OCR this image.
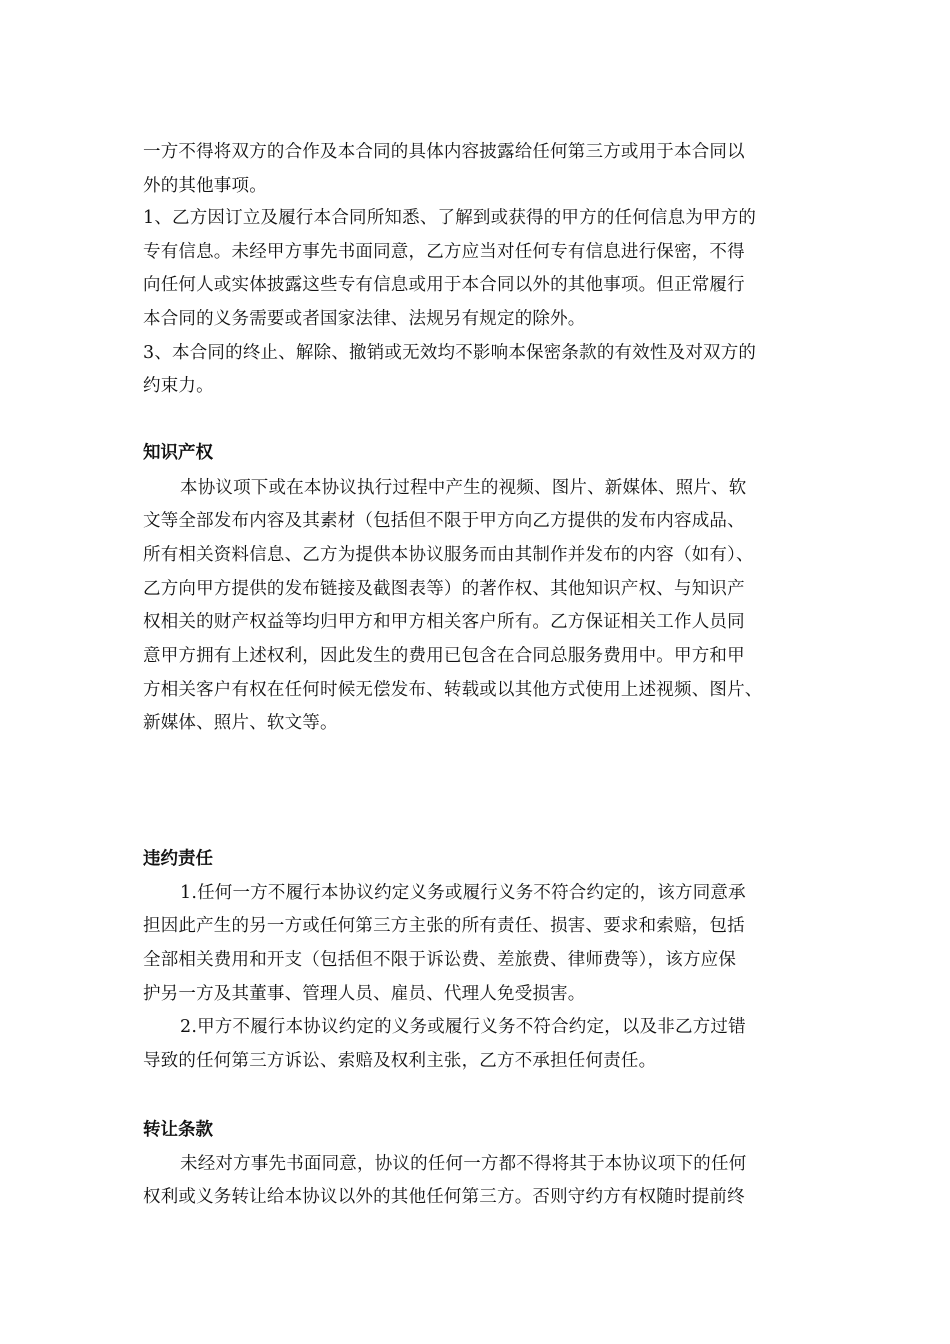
一方不得将双方的合作及本合同的具体内容披露给任何第三方或用于本合同以
外的其他事项。
1、乙方因订立及履行本合同所知悉、了解到或获得的甲方的任何信息为甲方的
专有信息。未经甲方事先书面同意，乙方应当对任何专有信息进行保密，不得
向任何人或实体披露这些专有信息或用于本合同以外的其他事项。但正常履行
本合同的义务需要或者国家法律、法规另有规定的除外。
3、本合同的终止、解除、撤销或无效均不影响本保密条款的有效性及对双方的
约束力。
知识产权
本协议项下或在本协议执行过程中产生的视频、图片、新媒体、照片、软
文等全部发布内容及其素材（包括但不限于甲方向乙方提供的发布内容成品、
所有相关资料信息、乙方为提供本协议服务而由其制作并发布的内容（如有）、
乙方向甲方提供的发布链接及截图表等）的著作权、其他知识产权、与知识产
权相关的财产权益等均归甲方和甲方相关客户所有。乙方保证相关工作人员同
意甲方拥有上述权利，因此发生的费用已包含在合同总服务费用中。甲方和甲
方相关客户有权在任何时候无偿发布、转载或以其他方式使用上述视频、图片、
新媒体、照片、软文等。
违约责任
1.任何一方不履行本协议约定义务或履行义务不符合约定的，该方同意承
担因此产生的另一方或任何第三方主张的所有责任、损害、要求和索赔，包括
全部相关费用和开支（包括但不限于诉讼费、差旅费、律师费等），该方应保
护另一方及其董事、管理人员、雇员、代理人免受损害。
2.甲方不履行本协议约定的义务或履行义务不符合约定，以及非乙方过错
导致的任何第三方诉讼、索赔及权利主张，乙方不承担任何责任。
转让条款
未经对方事先书面同意，协议的任何一方都不得将其于本协议项下的任何
权利或义务转让给本协议以外的其他任何第三方。否则守约方有权随时提前终
